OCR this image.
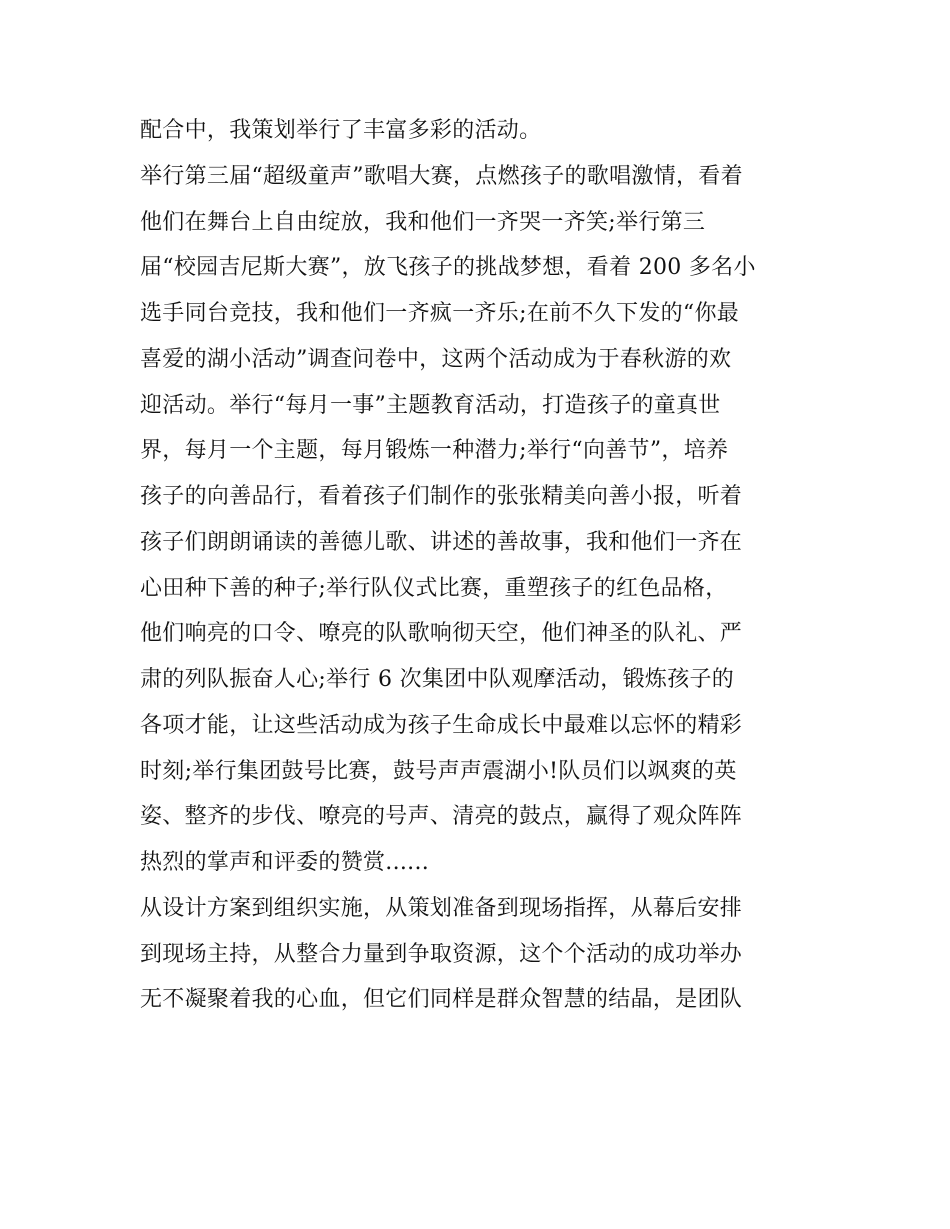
配合中，我策划举行了丰富多彩的活动。
举行第三届“超级童声”歌唱大赛，点燃孩子的歌唱激情，看着
他们在舞台上自由绽放，我和他们一齐哭一齐笑;举行第三
届“校园吉尼斯大赛”，放飞孩子的挑战梦想，看着 200 多名小
选手同台竞技，我和他们一齐疯一齐乐;在前不久下发的“你最
喜爱的湖小活动”调查问卷中，这两个活动成为于春秋游的欢
迎活动。举行“每月一事”主题教育活动，打造孩子的童真世
界，每月一个主题，每月锻炼一种潜力;举行“向善节”，培养
孩子的向善品行，看着孩子们制作的张张精美向善小报，听着
孩子们朗朗诵读的善德儿歌、讲述的善故事，我和他们一齐在
心田种下善的种子;举行队仪式比赛，重塑孩子的红色品格，
他们响亮的口令、嘹亮的队歌响彻天空，他们神圣的队礼、严
肃的列队振奋人心;举行 6 次集团中队观摩活动，锻炼孩子的
各项才能，让这些活动成为孩子生命成长中最难以忘怀的精彩
时刻;举行集团鼓号比赛，鼓号声声震湖小!队员们以飒爽的英
姿、整齐的步伐、嘹亮的号声、清亮的鼓点，赢得了观众阵阵
热烈的掌声和评委的赞赏......
从设计方案到组织实施，从策划准备到现场指挥，从幕后安排
到现场主持，从整合力量到争取资源，这个个活动的成功举办
无不凝聚着我的心血，但它们同样是群众智慧的结晶，是团队
